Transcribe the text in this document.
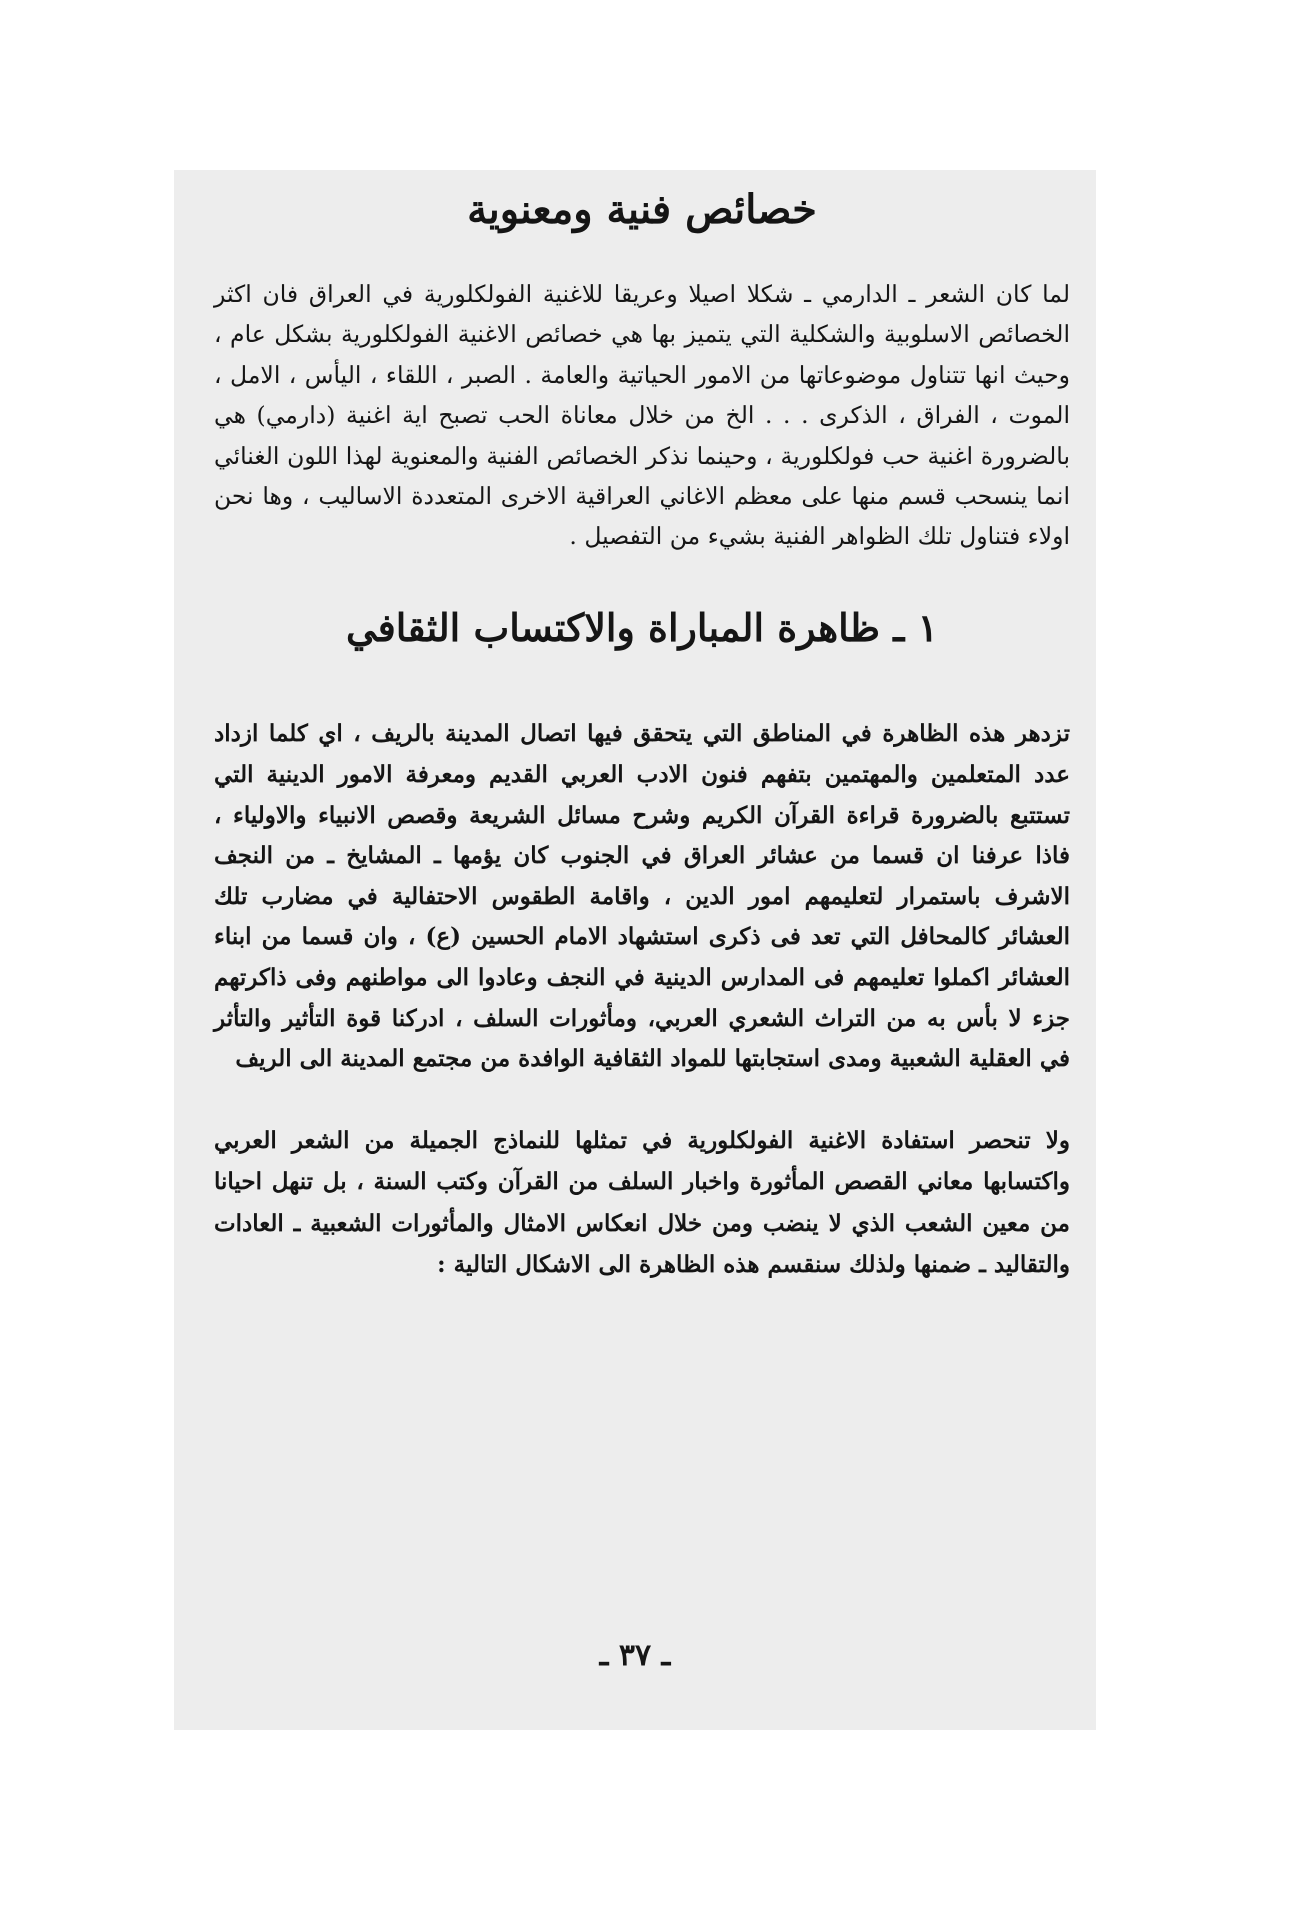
خصائص فنية ومعنوية

لما كان الشعر ـ الدارمي ـ شكلا اصيلا وعريقا للاغنية الفولكلورية في العراق فان اكثر الخصائص الاسلوبية والشكلية التي يتميز بها هي خصائص الاغنية الفولكلورية بشكل عام ، وحيث انها تتناول موضوعاتها من الامور الحياتية والعامة . الصبر ، اللقاء ، اليأس ، الامل ، الموت ، الفراق ، الذكرى . . . الخ من خلال معاناة الحب تصبح اية اغنية (دارمي) هي بالضرورة اغنية حب فولكلورية ، وحينما نذكر الخصائص الفنية والمعنوية لهذا اللون الغنائي انما ينسحب قسم منها على معظم الاغاني العراقية الاخرى المتعددة الاساليب ، وها نحن اولاء فتناول تلك الظواهر الفنية بشيء من التفصيل .

١ ـ ظاهرة المباراة والاكتساب الثقافي

تزدهر هذه الظاهرة في المناطق التي يتحقق فيها اتصال المدينة بالريف ، اي كلما ازداد عدد المتعلمين والمهتمين بتفهم فنون الادب العربي القديم ومعرفة الامور الدينية التي تستتبع بالضرورة قراءة القرآن الكريم وشرح مسائل الشريعة وقصص الانبياء والاولياء ، فاذا عرفنا ان قسما من عشائر العراق في الجنوب كان يؤمها ـ المشايخ ـ من النجف الاشرف باستمرار لتعليمهم امور الدين ، واقامة الطقوس الاحتفالية في مضارب تلك العشائر كالمحافل التي تعد فى ذكرى استشهاد الامام الحسين (ع) ، وان قسما من ابناء العشائر اكملوا تعليمهم فى المدارس الدينية في النجف وعادوا الى مواطنهم وفى ذاكرتهم جزء لا بأس به من التراث الشعري العربي، ومأثورات السلف ، ادركنا قوة التأثير والتأثر في العقلية الشعبية ومدى استجابتها للمواد الثقافية الوافدة من مجتمع المدينة الى الريف

ولا تنحصر استفادة الاغنية الفولكلورية في تمثلها للنماذج الجميلة من الشعر العربي واكتسابها معاني القصص المأثورة واخبار السلف من القرآن وكتب السنة ، بل تنهل احيانا من معين الشعب الذي لا ينضب ومن خلال انعكاس الامثال والمأثورات الشعبية ـ العادات والتقاليد ـ ضمنها ولذلك سنقسم هذه الظاهرة الى الاشكال التالية :

ـ ٣٧ ـ
